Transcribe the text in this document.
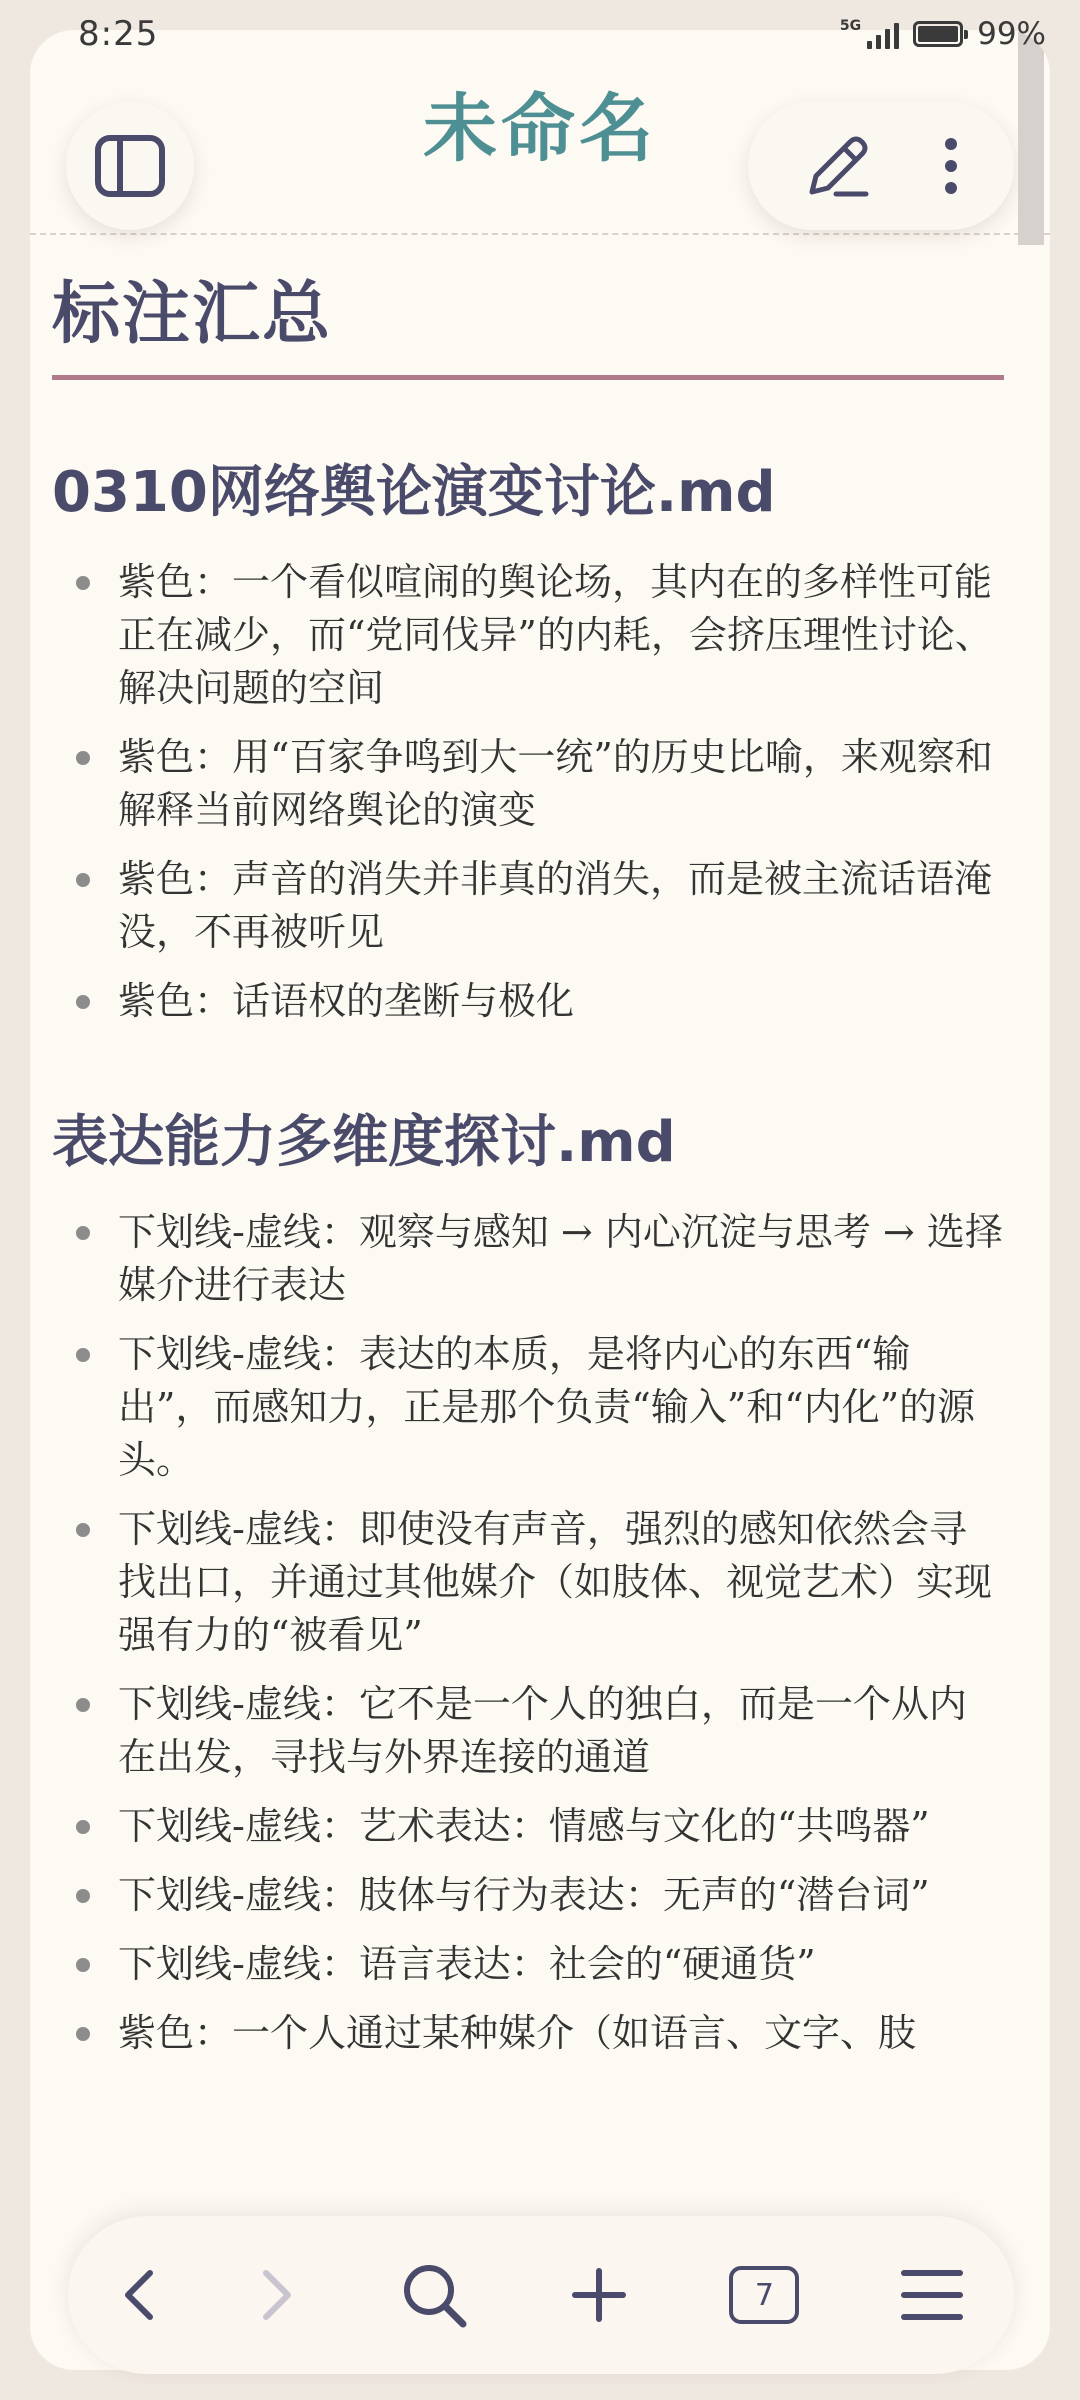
8:25	5G	99%
未命名
标注汇总
0310网络舆论演变讨论.md
紫色：一个看似喧闹的舆论场，其内在的多样性可能正在减少，而“党同伐异”的内耗，会挤压理性讨论、解决问题的空间
紫色：用“百家争鸣到大一统”的历史比喻，来观察和解释当前网络舆论的演变
紫色：声音的消失并非真的消失，而是被主流话语淹没，不再被听见
紫色：话语权的垄断与极化
表达能力多维度探讨.md
下划线-虚线：观察与感知 → 内心沉淀与思考 → 选择媒介进行表达
下划线-虚线：表达的本质，是将内心的东西“输出”，而感知力，正是那个负责“输入”和“内化”的源头。
下划线-虚线：即使没有声音，强烈的感知依然会寻找出口，并通过其他媒介（如肢体、视觉艺术）实现强有力的“被看见”
下划线-虚线：它不是一个人的独白，而是一个从内在出发，寻找与外界连接的通道
下划线-虚线：艺术表达：情感与文化的“共鸣器”
下划线-虚线：肢体与行为表达：无声的“潜台词”
下划线-虚线：语言表达：社会的“硬通货”
紫色：一个人通过某种媒介（如语言、文字、肢
7
